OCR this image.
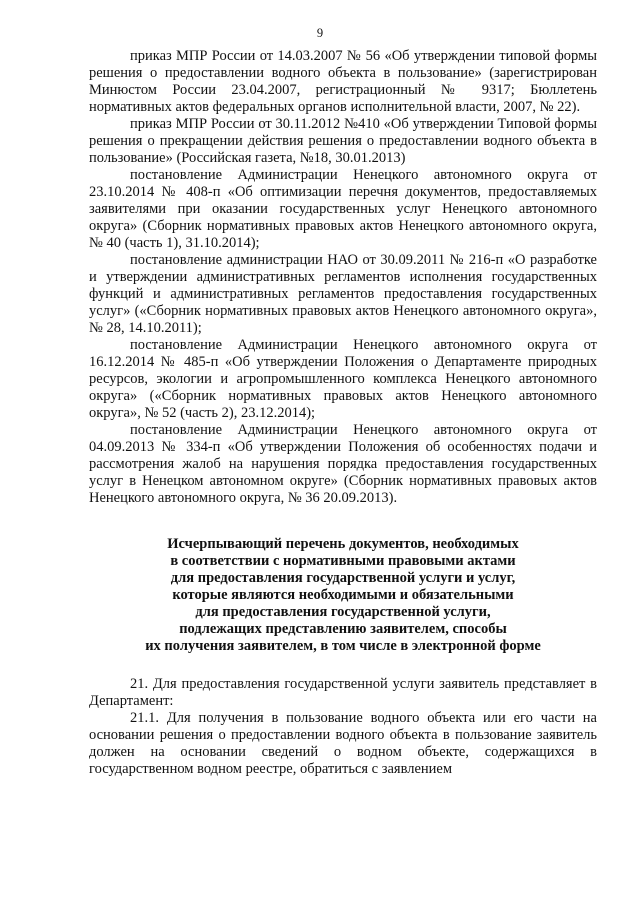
9

приказ МПР России от 14.03.2007 № 56 «Об утверждении типовой формы решения о предоставлении водного объекта в пользование» (зарегистрирован Минюстом России 23.04.2007, регистрационный № 9317; Бюллетень нормативных актов федеральных органов исполнительной власти, 2007, № 22).

приказ МПР России от 30.11.2012 №410 «Об утверждении Типовой формы решения о прекращении действия решения о предоставлении водного объекта в пользование» (Российская газета, №18, 30.01.2013)

постановление Администрации Ненецкого автономного округа от 23.10.2014 № 408-п «Об оптимизации перечня документов, предоставляемых заявителями при оказании государственных услуг Ненецкого автономного округа» (Сборник нормативных правовых актов Ненецкого автономного округа, № 40 (часть 1), 31.10.2014);

постановление администрации НАО от 30.09.2011 № 216-п «О разработке и утверждении административных регламентов исполнения государственных функций и административных регламентов предоставления государственных услуг» («Сборник нормативных правовых актов Ненецкого автономного округа», № 28, 14.10.2011);

постановление Администрации Ненецкого автономного округа от 16.12.2014 № 485-п «Об утверждении Положения о Департаменте природных ресурсов, экологии и агропромышленного комплекса Ненецкого автономного округа» («Сборник нормативных правовых актов Ненецкого автономного округа», № 52 (часть 2), 23.12.2014);

постановление Администрации Ненецкого автономного округа от 04.09.2013 № 334-п «Об утверждении Положения об особенностях подачи и рассмотрения жалоб на нарушения порядка предоставления государственных услуг в Ненецком автономном округе» (Сборник нормативных правовых актов Ненецкого автономного округа, № 36 20.09.2013).

Исчерпывающий перечень документов, необходимых
в соответствии с нормативными правовыми актами
для предоставления государственной услуги и услуг,
которые являются необходимыми и обязательными
для предоставления государственной услуги,
подлежащих представлению заявителем, способы
их получения заявителем, в том числе в электронной форме

21. Для предоставления государственной услуги заявитель представляет в Департамент:

21.1. Для получения в пользование водного объекта или его части на основании решения о предоставлении водного объекта в пользование заявитель должен на основании сведений о водном объекте, содержащихся в государственном водном реестре, обратиться с заявлением
